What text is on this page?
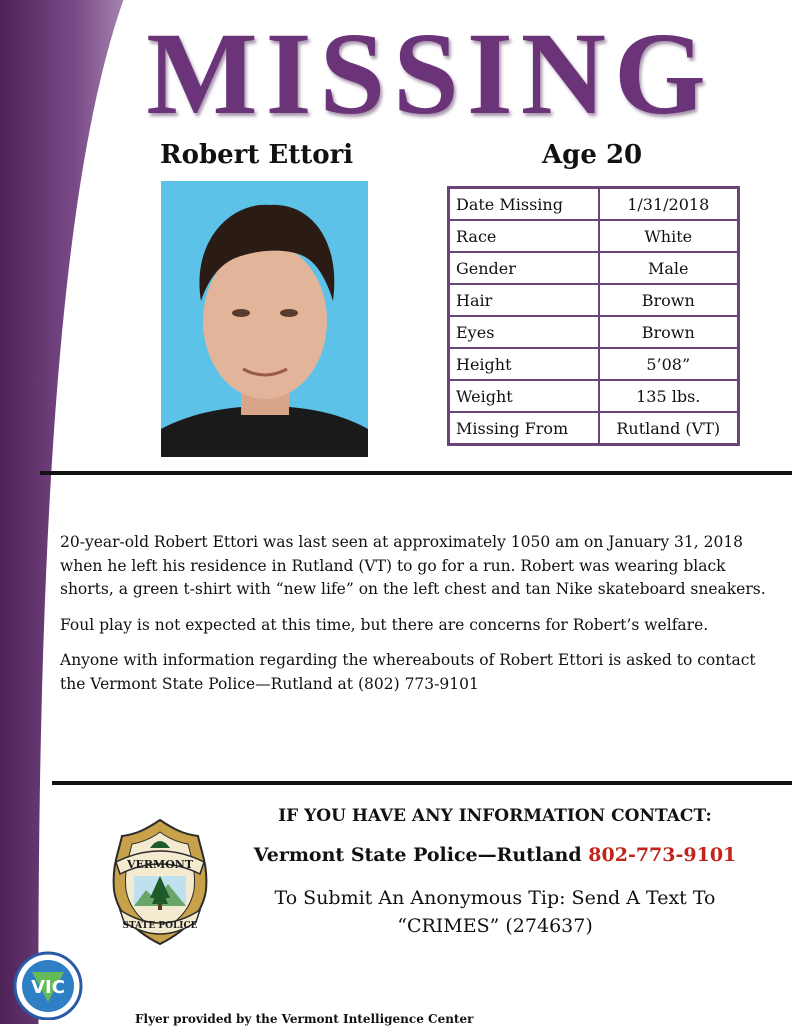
MISSING
Robert Ettori	Age 20
Date Missing	1/31/2018
Race	White
Gender	Male
Hair	Brown
Eyes	Brown
Height	5’08”
Weight	135 lbs.
Missing From	Rutland (VT)

20-year-old Robert Ettori was last seen at approximately 1050 am on January 31, 2018 when he left his residence in Rutland (VT) to go for a run. Robert was wearing black shorts, a green t-shirt with “new life” on the left chest and tan Nike skateboard sneakers.

Foul play is not expected at this time, but there are concerns for Robert’s welfare.

Anyone with information regarding the whereabouts of Robert Ettori is asked to contact the Vermont State Police—Rutland at (802) 773-9101

VERMONT
STATE POLICE
IF YOU HAVE ANY INFORMATION CONTACT:
Vermont State Police—Rutland 802-773-9101
To Submit An Anonymous Tip: Send A Text To
“CRIMES” (274637)
VIC
Flyer provided by the Vermont Intelligence Center
